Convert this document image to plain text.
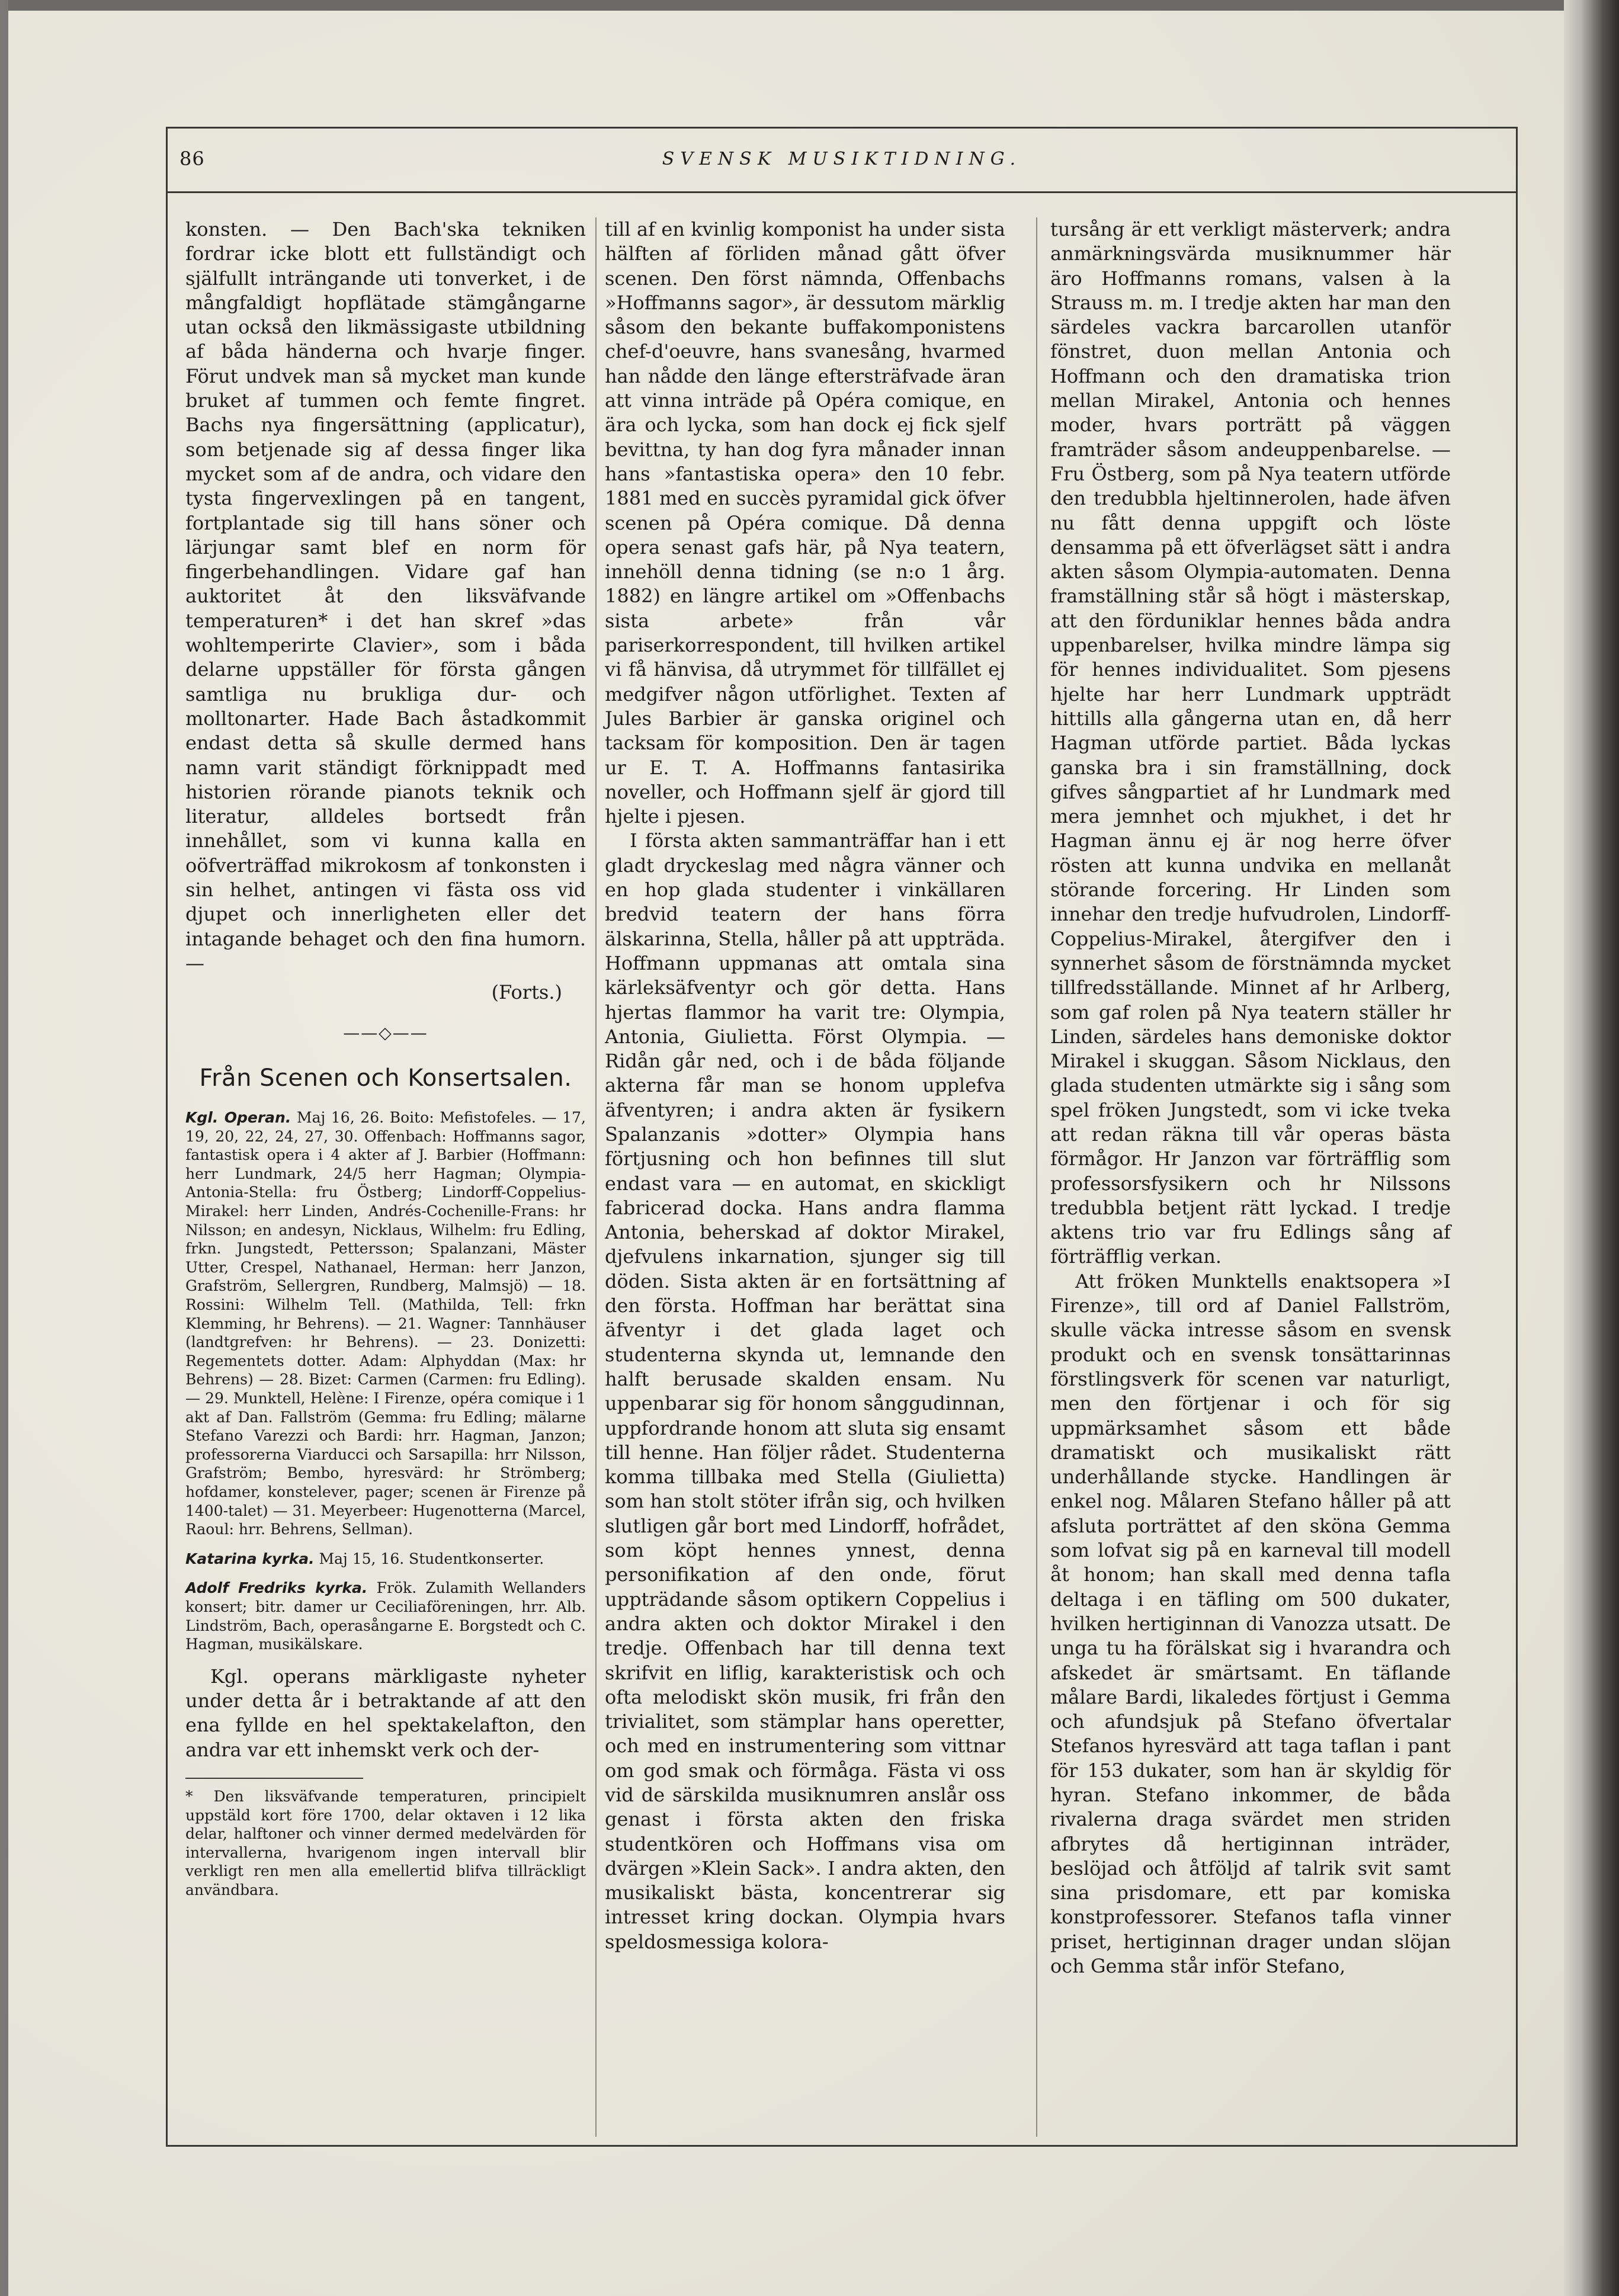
86	SVENSK MUSIKTIDNING.

konsten. — Den Bach'ska tekniken fordrar icke blott ett fullständigt och själfullt inträngande uti tonverket, i de mångfaldigt hopflätade stämgångarne utan också den likmässigaste utbildning af båda händerna och hvarje finger. Förut undvek man så mycket man kunde bruket af tummen och femte fingret. Bachs nya fingersättning (applicatur), som betjenade sig af dessa finger lika mycket som af de andra, och vidare den tysta fingervexlingen på en tangent, fortplantade sig till hans söner och lärjungar samt blef en norm för fingerbehandlingen. Vidare gaf han auktoritet åt den liksväfvande temperaturen* i det han skref »das wohltemperirte Clavier», som i båda delarne uppställer för första gången samtliga nu brukliga dur- och molltonarter. Hade Bach åstadkommit endast detta så skulle dermed hans namn varit ständigt förknippadt med historien rörande pianots teknik och literatur, alldeles bortsedt från innehållet, som vi kunna kalla en oöfverträffad mikrokosm af tonkonsten i sin helhet, antingen vi fästa oss vid djupet och innerligheten eller det intagande behaget och den fina humorn. —

(Forts.)
——◇——
Från Scenen och Konsertsalen.

Kgl. Operan. Maj 16, 26. Boito: Mefistofeles. — 17, 19, 20, 22, 24, 27, 30. Offenbach: Hoffmanns sagor, fantastisk opera i 4 akter af J. Barbier (Hoffmann: herr Lundmark, 24/5 herr Hagman; Olympia-Antonia-Stella: fru Östberg; Lindorff-Coppelius-Mirakel: herr Linden, Andrés-Cochenille-Frans: hr Nilsson; en andesyn, Nicklaus, Wilhelm: fru Edling, frkn. Jungstedt, Pettersson; Spalanzani, Mäster Utter, Crespel, Nathanael, Herman: herr Janzon, Grafström, Sellergren, Rundberg, Malmsjö) — 18. Rossini: Wilhelm Tell. (Mathilda, Tell: frkn Klemming, hr Behrens). — 21. Wagner: Tannhäuser (landtgrefven: hr Behrens). — 23. Donizetti: Regementets dotter. Adam: Alphyddan (Max: hr Behrens) — 28. Bizet: Carmen (Carmen: fru Edling). — 29. Munktell, Helène: I Firenze, opéra comique i 1 akt af Dan. Fallström (Gemma: fru Edling; mälarne Stefano Varezzi och Bardi: hrr. Hagman, Janzon; professorerna Viarducci och Sarsapilla: hrr Nilsson, Grafström; Bembo, hyresvärd: hr Strömberg; hofdamer, konstelever, pager; scenen är Firenze på 1400-talet) — 31. Meyerbeer: Hugenotterna (Marcel, Raoul: hrr. Behrens, Sellman).

Katarina kyrka. Maj 15, 16. Studentkonserter.

Adolf Fredriks kyrka. Frök. Zulamith Wellanders konsert; bitr. damer ur Ceciliaföreningen, hrr. Alb. Lindström, Bach, operasångarne E. Borgstedt och C. Hagman, musikälskare.

Kgl. operans märkligaste nyheter under detta år i betraktande af att den ena fyllde en hel spektakelafton, den andra var ett inhemskt verk och der-

* Den liksväfvande temperaturen, principielt uppstäld kort före 1700, delar oktaven i 12 lika delar, halftoner och vinner dermed medelvärden för intervallerna, hvarigenom ingen intervall blir verkligt ren men alla emellertid blifva tillräckligt användbara.

till af en kvinlig komponist ha under sista hälften af förliden månad gått öfver scenen. Den först nämnda, Offenbachs »Hoffmanns sagor», är dessutom märklig såsom den bekante buffakomponistens chef-d'oeuvre, hans svanesång, hvarmed han nådde den länge eftersträfvade äran att vinna inträde på Opéra comique, en ära och lycka, som han dock ej fick sjelf bevittna, ty han dog fyra månader innan hans »fantastiska opera» den 10 febr. 1881 med en succès pyramidal gick öfver scenen på Opéra comique. Då denna opera senast gafs här, på Nya teatern, innehöll denna tidning (se n:o 1 årg. 1882) en längre artikel om »Offenbachs sista arbete» från vår pariserkorrespondent, till hvilken artikel vi få hänvisa, då utrymmet för tillfället ej medgifver någon utförlighet. Texten af Jules Barbier är ganska originel och tacksam för komposition. Den är tagen ur E. T. A. Hoffmanns fantasirika noveller, och Hoffmann sjelf är gjord till hjelte i pjesen.

I första akten sammanträffar han i ett gladt dryckeslag med några vänner och en hop glada studenter i vinkällaren bredvid teatern der hans förra älskarinna, Stella, håller på att uppträda. Hoffmann uppmanas att omtala sina kärleksäfventyr och gör detta. Hans hjertas flammor ha varit tre: Olympia, Antonia, Giulietta. Först Olympia. — Ridån går ned, och i de båda följande akterna får man se honom upplefva äfventyren; i andra akten är fysikern Spalanzanis »dotter» Olympia hans förtjusning och hon befinnes till slut endast vara — en automat, en skickligt fabricerad docka. Hans andra flamma Antonia, beherskad af doktor Mirakel, djefvulens inkarnation, sjunger sig till döden. Sista akten är en fortsättning af den första. Hoffman har berättat sina äfventyr i det glada laget och studenterna skynda ut, lemnande den halft berusade skalden ensam. Nu uppenbarar sig för honom sånggudinnan, uppfordrande honom att sluta sig ensamt till henne. Han följer rådet. Studenterna komma tillbaka med Stella (Giulietta) som han stolt stöter ifrån sig, och hvilken slutligen går bort med Lindorff, hofrådet, som köpt hennes ynnest, denna personifikation af den onde, förut uppträdande såsom optikern Coppelius i andra akten och doktor Mirakel i den tredje. Offenbach har till denna text skrifvit en liflig, karakteristisk och och ofta melodiskt skön musik, fri från den trivialitet, som stämplar hans operetter, och med en instrumentering som vittnar om god smak och förmåga. Fästa vi oss vid de särskilda musiknumren anslår oss genast i första akten den friska studentkören och Hoffmans visa om dvärgen »Klein Sack». I andra akten, den musikaliskt bästa, koncentrerar sig intresset kring dockan. Olympia hvars speldosmessiga kolora-

tursång är ett verkligt mästerverk; andra anmärkningsvärda musiknummer här äro Hoffmanns romans, valsen à la Strauss m. m. I tredje akten har man den särdeles vackra barcarollen utanför fönstret, duon mellan Antonia och Hoffmann och den dramatiska trion mellan Mirakel, Antonia och hennes moder, hvars porträtt på väggen framträder såsom andeuppenbarelse. — Fru Östberg, som på Nya teatern utförde den tredubbla hjeltinnerolen, hade äfven nu fått denna uppgift och löste densamma på ett öfverlägset sätt i andra akten såsom Olympia-automaten. Denna framställning står så högt i mästerskap, att den förduniklar hennes båda andra uppenbarelser, hvilka mindre lämpa sig för hennes individualitet. Som pjesens hjelte har herr Lundmark uppträdt hittills alla gångerna utan en, då herr Hagman utförde partiet. Båda lyckas ganska bra i sin framställning, dock gifves sångpartiet af hr Lundmark med mera jemnhet och mjukhet, i det hr Hagman ännu ej är nog herre öfver rösten att kunna undvika en mellanåt störande forcering. Hr Linden som innehar den tredje hufvudrolen, Lindorff-Coppelius-Mirakel, återgifver den i synnerhet såsom de förstnämnda mycket tillfredsställande. Minnet af hr Arlberg, som gaf rolen på Nya teatern ställer hr Linden, särdeles hans demoniske doktor Mirakel i skuggan. Såsom Nicklaus, den glada studenten utmärkte sig i sång som spel fröken Jungstedt, som vi icke tveka att redan räkna till vår operas bästa förmågor. Hr Janzon var förträfflig som professorsfysikern och hr Nilssons tredubbla betjent rätt lyckad. I tredje aktens trio var fru Edlings sång af förträfflig verkan.

Att fröken Munktells enaktsopera »I Firenze», till ord af Daniel Fallström, skulle väcka intresse såsom en svensk produkt och en svensk tonsättarinnas förstlingsverk för scenen var naturligt, men den förtjenar i och för sig uppmärksamhet såsom ett både dramatiskt och musikaliskt rätt underhållande stycke. Handlingen är enkel nog. Målaren Stefano håller på att afsluta porträttet af den sköna Gemma som lofvat sig på en karneval till modell åt honom; han skall med denna tafla deltaga i en täfling om 500 dukater, hvilken hertiginnan di Vanozza utsatt. De unga tu ha förälskat sig i hvarandra och afskedet är smärtsamt. En täflande målare Bardi, likaledes förtjust i Gemma och afundsjuk på Stefano öfvertalar Stefanos hyresvärd att taga taflan i pant för 153 dukater, som han är skyldig för hyran. Stefano inkommer, de båda rivalerna draga svärdet men striden afbrytes då hertiginnan inträder, beslöjad och åtföljd af talrik svit samt sina prisdomare, ett par komiska konstprofessorer. Stefanos tafla vinner priset, hertiginnan drager undan slöjan och Gemma står inför Stefano,
